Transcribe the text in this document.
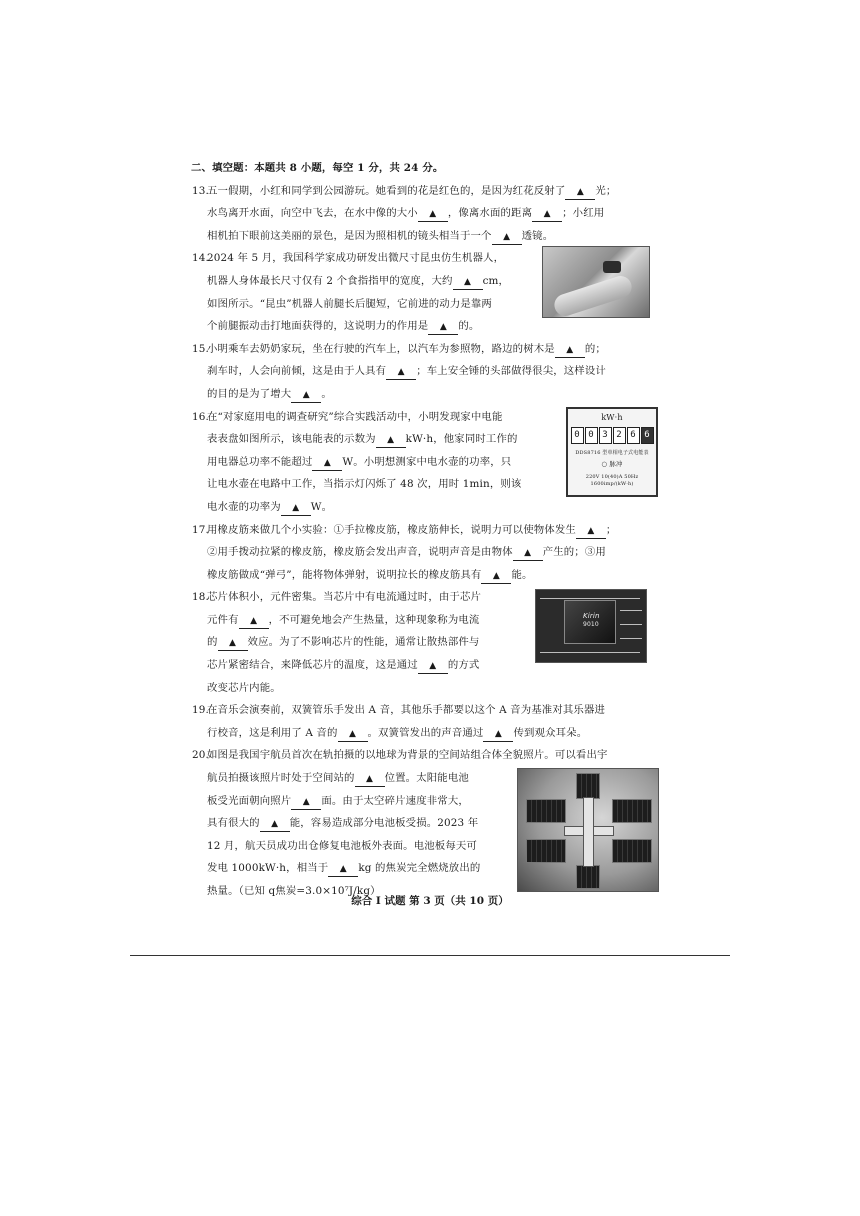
二、填空题：本题共 8 小题，每空 1 分，共 24 分。
13.五一假期，小红和同学到公园游玩。她看到的花是红色的，是因为红花反射了 ▲ 光；
水鸟离开水面，向空中飞去，在水中像的大小 ▲ ，像离水面的距离 ▲ ；小红用
相机拍下眼前这美丽的景色，是因为照相机的镜头相当于一个 ▲ 透镜。
14.2024 年 5 月，我国科学家成功研发出微尺寸昆虫仿生机器人，
机器人身体最长尺寸仅有 2 个食指指甲的宽度，大约 ▲ cm，
如图所示。“昆虫”机器人前腿长后腿短，它前进的动力是靠两
个前腿振动击打地面获得的，这说明力的作用是 ▲ 的。
15.小明乘车去奶奶家玩，坐在行驶的汽车上，以汽车为参照物，路边的树木是 ▲ 的；
刹车时，人会向前倾，这是由于人具有 ▲ ；车上安全锤的头部做得很尖，这样设计
的目的是为了增大 ▲ 。
16.在“对家庭用电的调查研究”综合实践活动中，小明发现家中电能
表表盘如图所示，该电能表的示数为 ▲ kW·h，他家同时工作的
用电器总功率不能超过 ▲ W。小明想测家中电水壶的功率，只
让电水壶在电路中工作，当指示灯闪烁了 48 次，用时 1min，则该
电水壶的功率为 ▲ W。
kW·h
0 0 3 2 6 6
DDS8716 型单相电子式电能表
○ 脉冲
220V 10(40)A 50Hz
1600imp/(kW·h)
17.用橡皮筋来做几个小实验：①手拉橡皮筋，橡皮筋伸长，说明力可以使物体发生 ▲ ；
②用手拨动拉紧的橡皮筋，橡皮筋会发出声音，说明声音是由物体 ▲ 产生的；③用
橡皮筋做成“弹弓”，能将物体弹射，说明拉长的橡皮筋具有 ▲ 能。
18.芯片体积小，元件密集。当芯片中有电流通过时，由于芯片
元件有 ▲ ，不可避免地会产生热量，这种现象称为电流
的 ▲ 效应。为了不影响芯片的性能，通常让散热部件与
芯片紧密结合，来降低芯片的温度，这是通过 ▲ 的方式
改变芯片内能。
Kirin
9010
19.在音乐会演奏前，双簧管乐手发出 A 音，其他乐手都要以这个 A 音为基准对其乐器进
行校音，这是利用了 A 音的 ▲ 。双簧管发出的声音通过 ▲ 传到观众耳朵。
20.如图是我国宇航员首次在轨拍摄的以地球为背景的空间站组合体全貌照片。可以看出宇
航员拍摄该照片时处于空间站的 ▲ 位置。太阳能电池
板受光面朝向照片 ▲ 面。由于太空碎片速度非常大，
具有很大的 ▲ 能，容易造成部分电池板受损。2023 年
12 月，航天员成功出仓修复电池板外表面。电池板每天可
发电 1000kW·h，相当于 ▲ kg 的焦炭完全燃烧放出的
热量。（已知 q焦炭=3.0×10⁷J/kg）
综合 I 试题 第 3 页（共 10 页）
